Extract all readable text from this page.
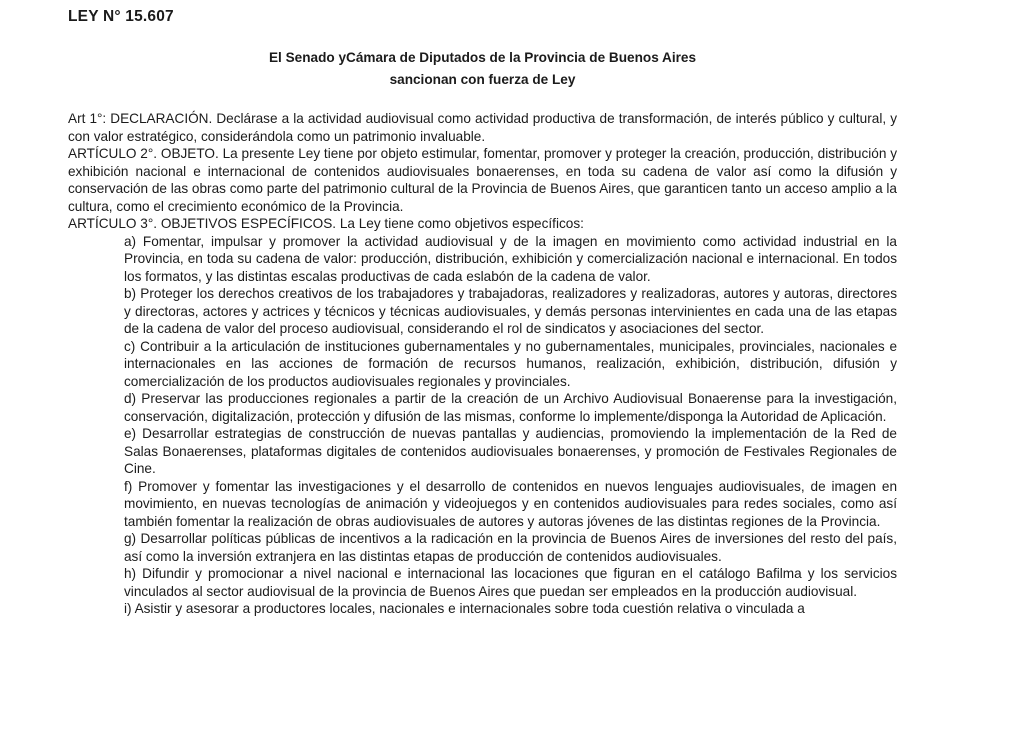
LEY N° 15.607
El Senado yCámara de Diputados de la Provincia de Buenos Aires
sancionan con fuerza de Ley

Art 1°: DECLARACIÓN. Declárase a la actividad audiovisual como actividad productiva de transformación, de interés público y cultural, y con valor estratégico, considerándola como un patrimonio invaluable.

ARTÍCULO 2°. OBJETO. La presente Ley tiene por objeto estimular, fomentar, promover y proteger la creación, producción, distribución y exhibición nacional e internacional de contenidos audiovisuales bonaerenses, en toda su cadena de valor así como la difusión y conservación de las obras como parte del patrimonio cultural de la Provincia de Buenos Aires, que garanticen tanto un acceso amplio a la cultura, como el crecimiento económico de la Provincia.

ARTÍCULO 3°. OBJETIVOS ESPECÍFICOS. La Ley tiene como objetivos específicos:

a) Fomentar, impulsar y promover la actividad audiovisual y de la imagen en movimiento como actividad industrial en la Provincia, en toda su cadena de valor: producción, distribución, exhibición y comercialización nacional e internacional. En todos los formatos, y las distintas escalas productivas de cada eslabón de la cadena de valor.

b) Proteger los derechos creativos de los trabajadores y trabajadoras, realizadores y realizadoras, autores y autoras, directores y directoras, actores y actrices y técnicos y técnicas audiovisuales, y demás personas intervinientes en cada una de las etapas de la cadena de valor del proceso audiovisual, considerando el rol de sindicatos y asociaciones del sector.

c) Contribuir a la articulación de instituciones gubernamentales y no gubernamentales, municipales, provinciales, nacionales e internacionales en las acciones de formación de recursos humanos, realización, exhibición, distribución, difusión y comercialización de los productos audiovisuales regionales y provinciales.

d) Preservar las producciones regionales a partir de la creación de un Archivo Audiovisual Bonaerense para la investigación, conservación, digitalización, protección y difusión de las mismas, conforme lo implemente/disponga la Autoridad de Aplicación.

e) Desarrollar estrategias de construcción de nuevas pantallas y audiencias, promoviendo la implementación de la Red de Salas Bonaerenses, plataformas digitales de contenidos audiovisuales bonaerenses, y promoción de Festivales Regionales de Cine.

f) Promover y fomentar las investigaciones y el desarrollo de contenidos en nuevos lenguajes audiovisuales, de imagen en movimiento, en nuevas tecnologías de animación y videojuegos y en contenidos audiovisuales para redes sociales, como así también fomentar la realización de obras audiovisuales de autores y autoras jóvenes de las distintas regiones de la Provincia.

g) Desarrollar políticas públicas de incentivos a la radicación en la provincia de Buenos Aires de inversiones del resto del país, así como la inversión extranjera en las distintas etapas de producción de contenidos audiovisuales.

h) Difundir y promocionar a nivel nacional e internacional las locaciones que figuran en el catálogo Bafilma y los servicios vinculados al sector audiovisual de la provincia de Buenos Aires que puedan ser empleados en la producción audiovisual.

i) Asistir y asesorar a productores locales, nacionales e internacionales sobre toda cuestión relativa o vinculada a
